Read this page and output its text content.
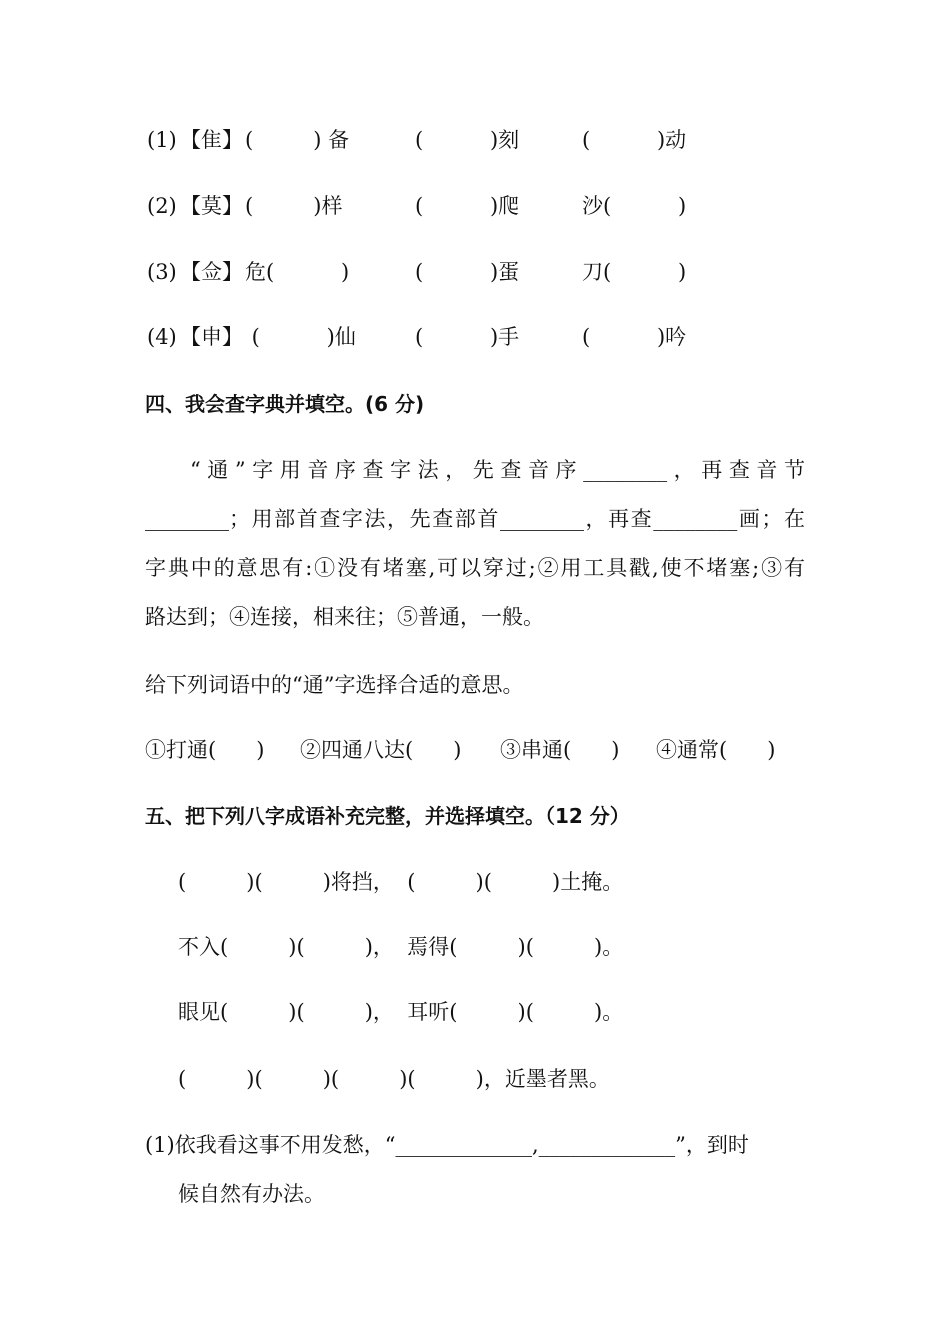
(1) 【隹】 (         ) 备	(          )刻	(          )动
(2) 【莫】 (         )样	(          )爬	沙(          )
(3) 【佥】 危(          )	(          )蛋	刀(          )
(4) 【申】 (          )仙	(          )手	(          )吟
四、我会查字典并填空。(6 分)
“通”字用音序查字法，先查音序________，再查音节
________；用部首查字法，先查部首________，再查________画；在
字典中的意思有:①没有堵塞,可以穿过;②用工具戳,使不堵塞;③有
路达到；④连接，相来往；⑤普通，一般。
给下列词语中的“通”字选择合适的意思。
①打通(      ) ②四通八达(      ) ③串通(      ) ④通常(      )
五、把下列八字成语补充完整，并选择填空。（12 分）
(         )(         )将挡，  (         )(         )土掩。
不入(         )(         )，  焉得(         )(         )。
眼见(         )(         )，  耳听(         )(         )。
(         )(         )(         )(         )，近墨者黑。
(1)依我看这事不用发愁，“_____________,_____________”，到时
候自然有办法。
